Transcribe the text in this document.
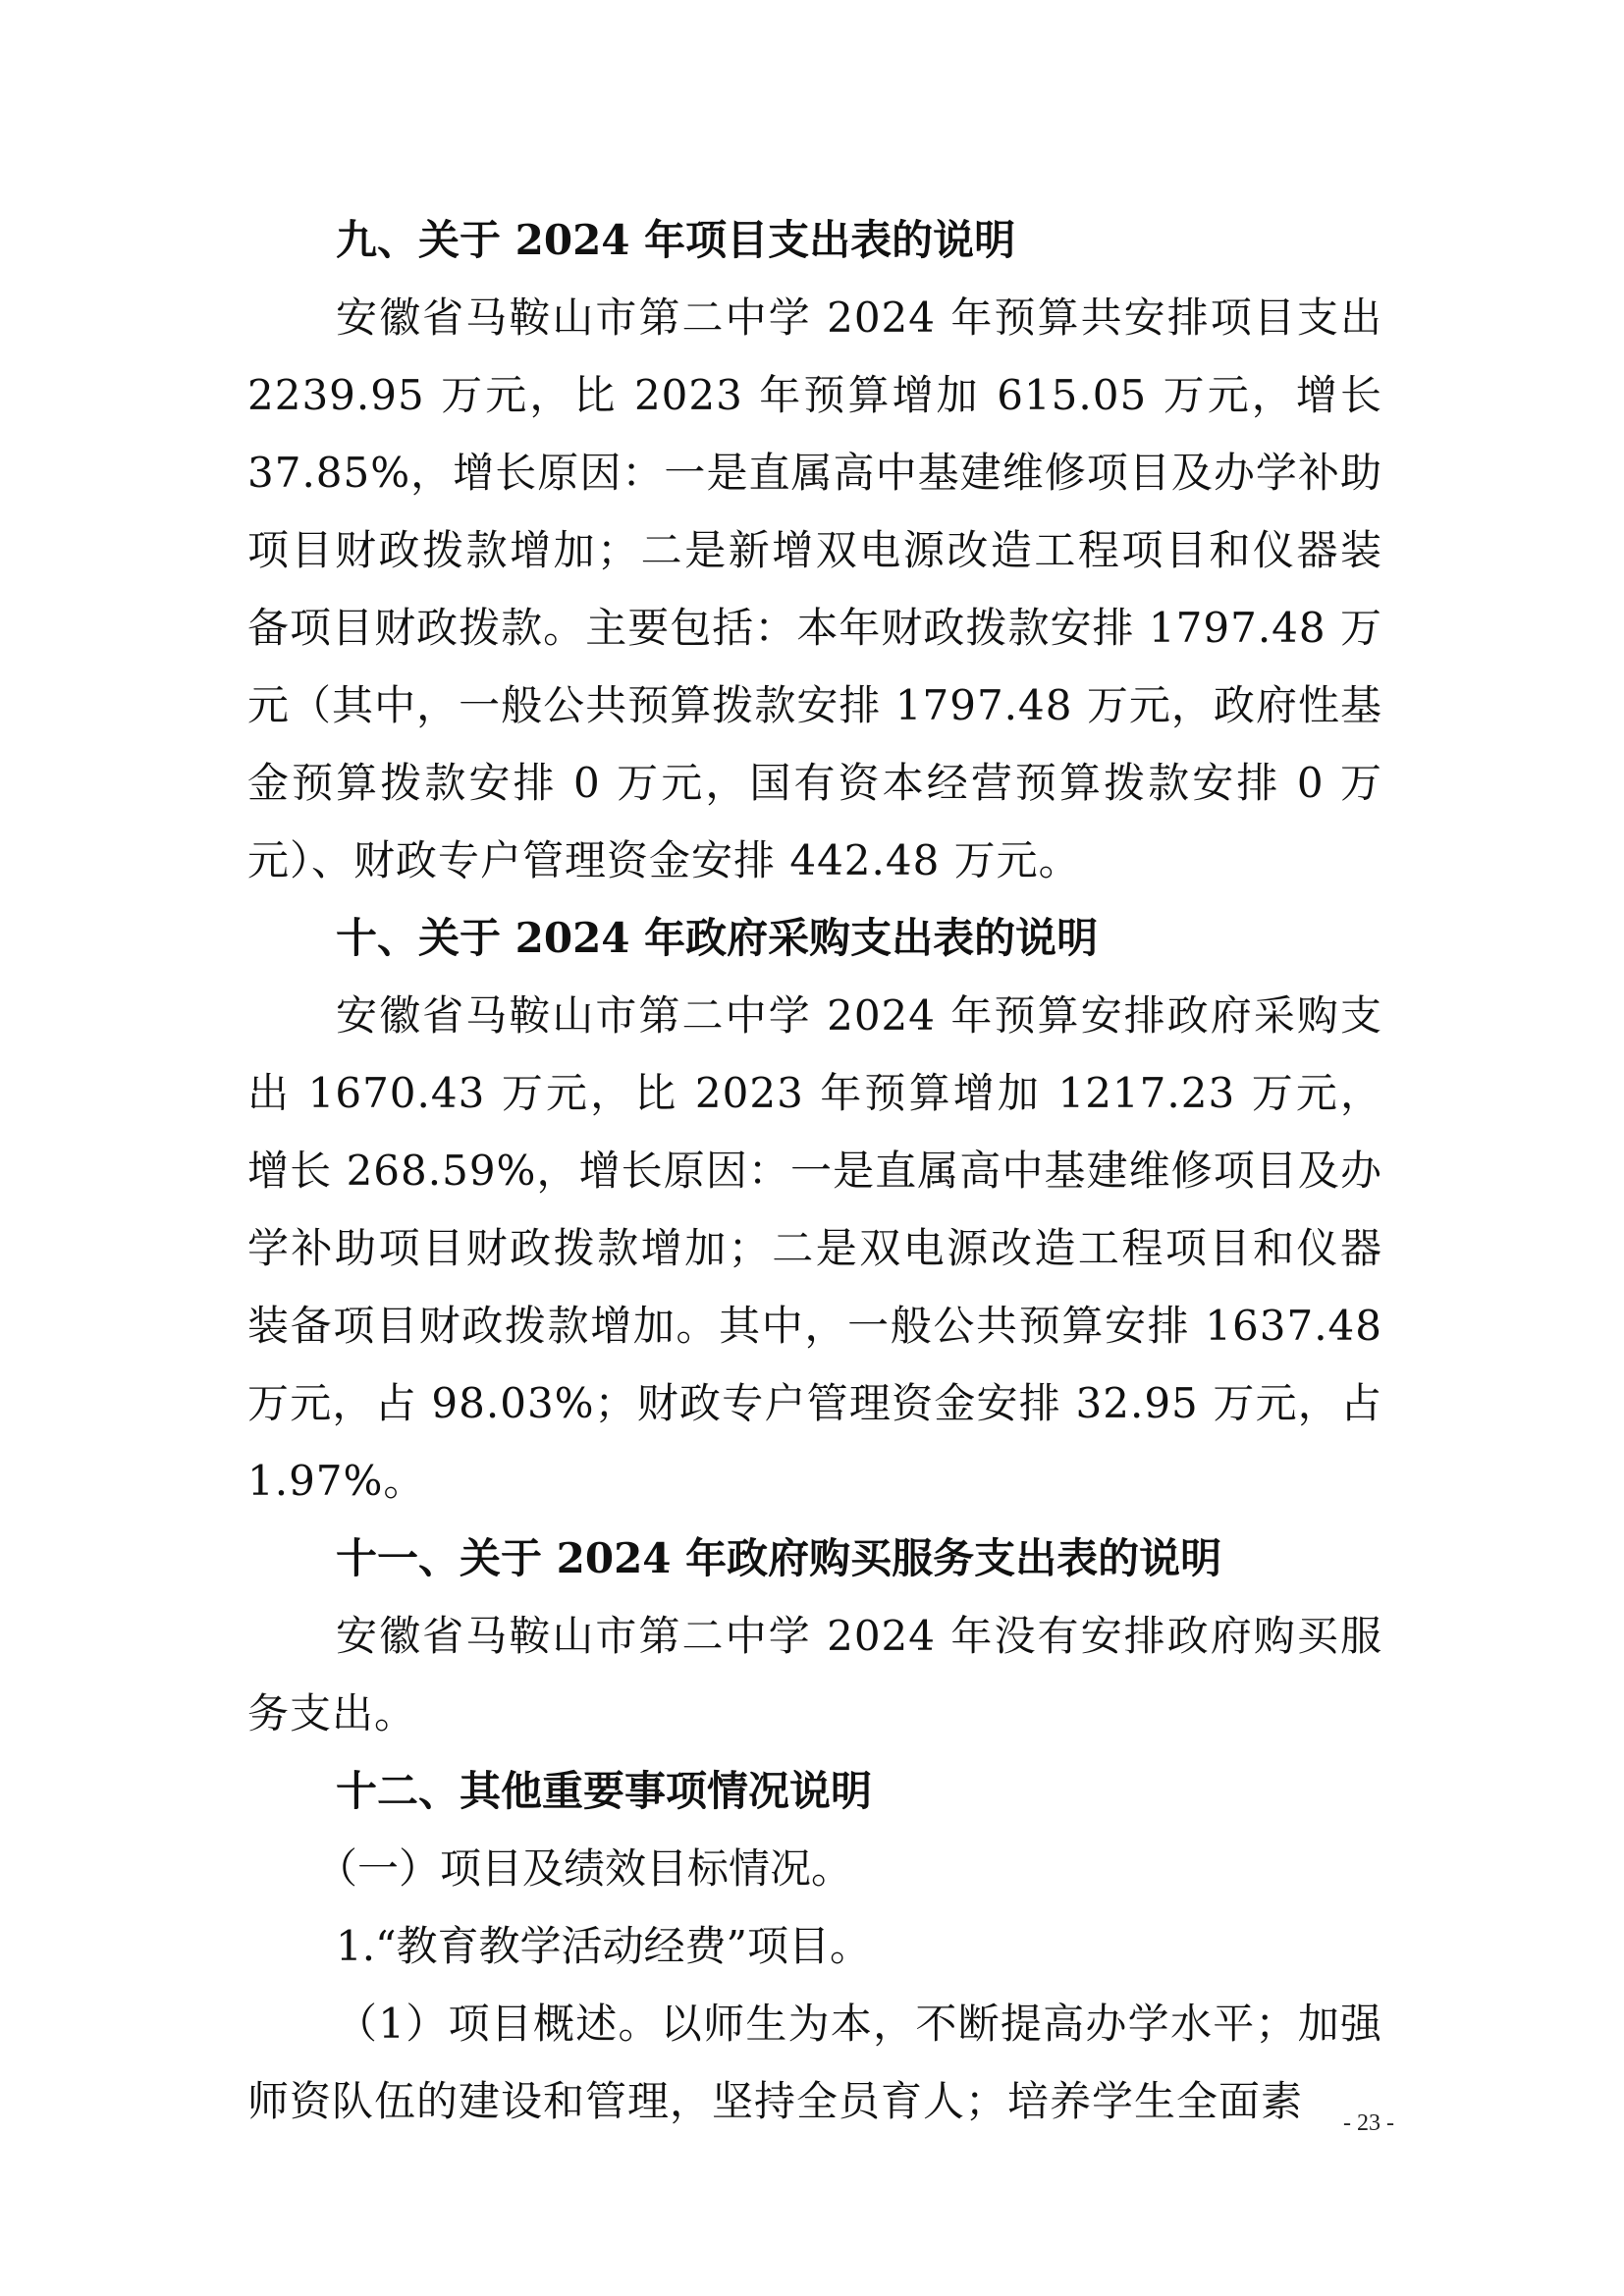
九、关于 2024 年项目支出表的说明

安徽省马鞍山市第二中学 2024 年预算共安排项目支出 2239.95 万元，比 2023 年预算增加 615.05 万元，增长 37.85%，增长原因：一是直属高中基建维修项目及办学补助项目财政拨款增加；二是新增双电源改造工程项目和仪器装备项目财政拨款。主要包括：本年财政拨款安排 1797.48 万元（其中，一般公共预算拨款安排 1797.48 万元，政府性基金预算拨款安排 0 万元，国有资本经营预算拨款安排 0 万元）、财政专户管理资金安排 442.48 万元。

十、关于 2024 年政府采购支出表的说明

安徽省马鞍山市第二中学 2024 年预算安排政府采购支出 1670.43 万元，比 2023 年预算增加 1217.23 万元，增长 268.59%，增长原因：一是直属高中基建维修项目及办学补助项目财政拨款增加；二是双电源改造工程项目和仪器装备项目财政拨款增加。其中，一般公共预算安排 1637.48 万元，占 98.03%；财政专户管理资金安排 32.95 万元，占 1.97%。

十一、关于 2024 年政府购买服务支出表的说明

安徽省马鞍山市第二中学 2024 年没有安排政府购买服务支出。

十二、其他重要事项情况说明

（一）项目及绩效目标情况。

1.“教育教学活动经费”项目。

（1）项目概述。以师生为本，不断提高办学水平；加强师资队伍的建设和管理，坚持全员育人；培养学生全面素	- 23 -
